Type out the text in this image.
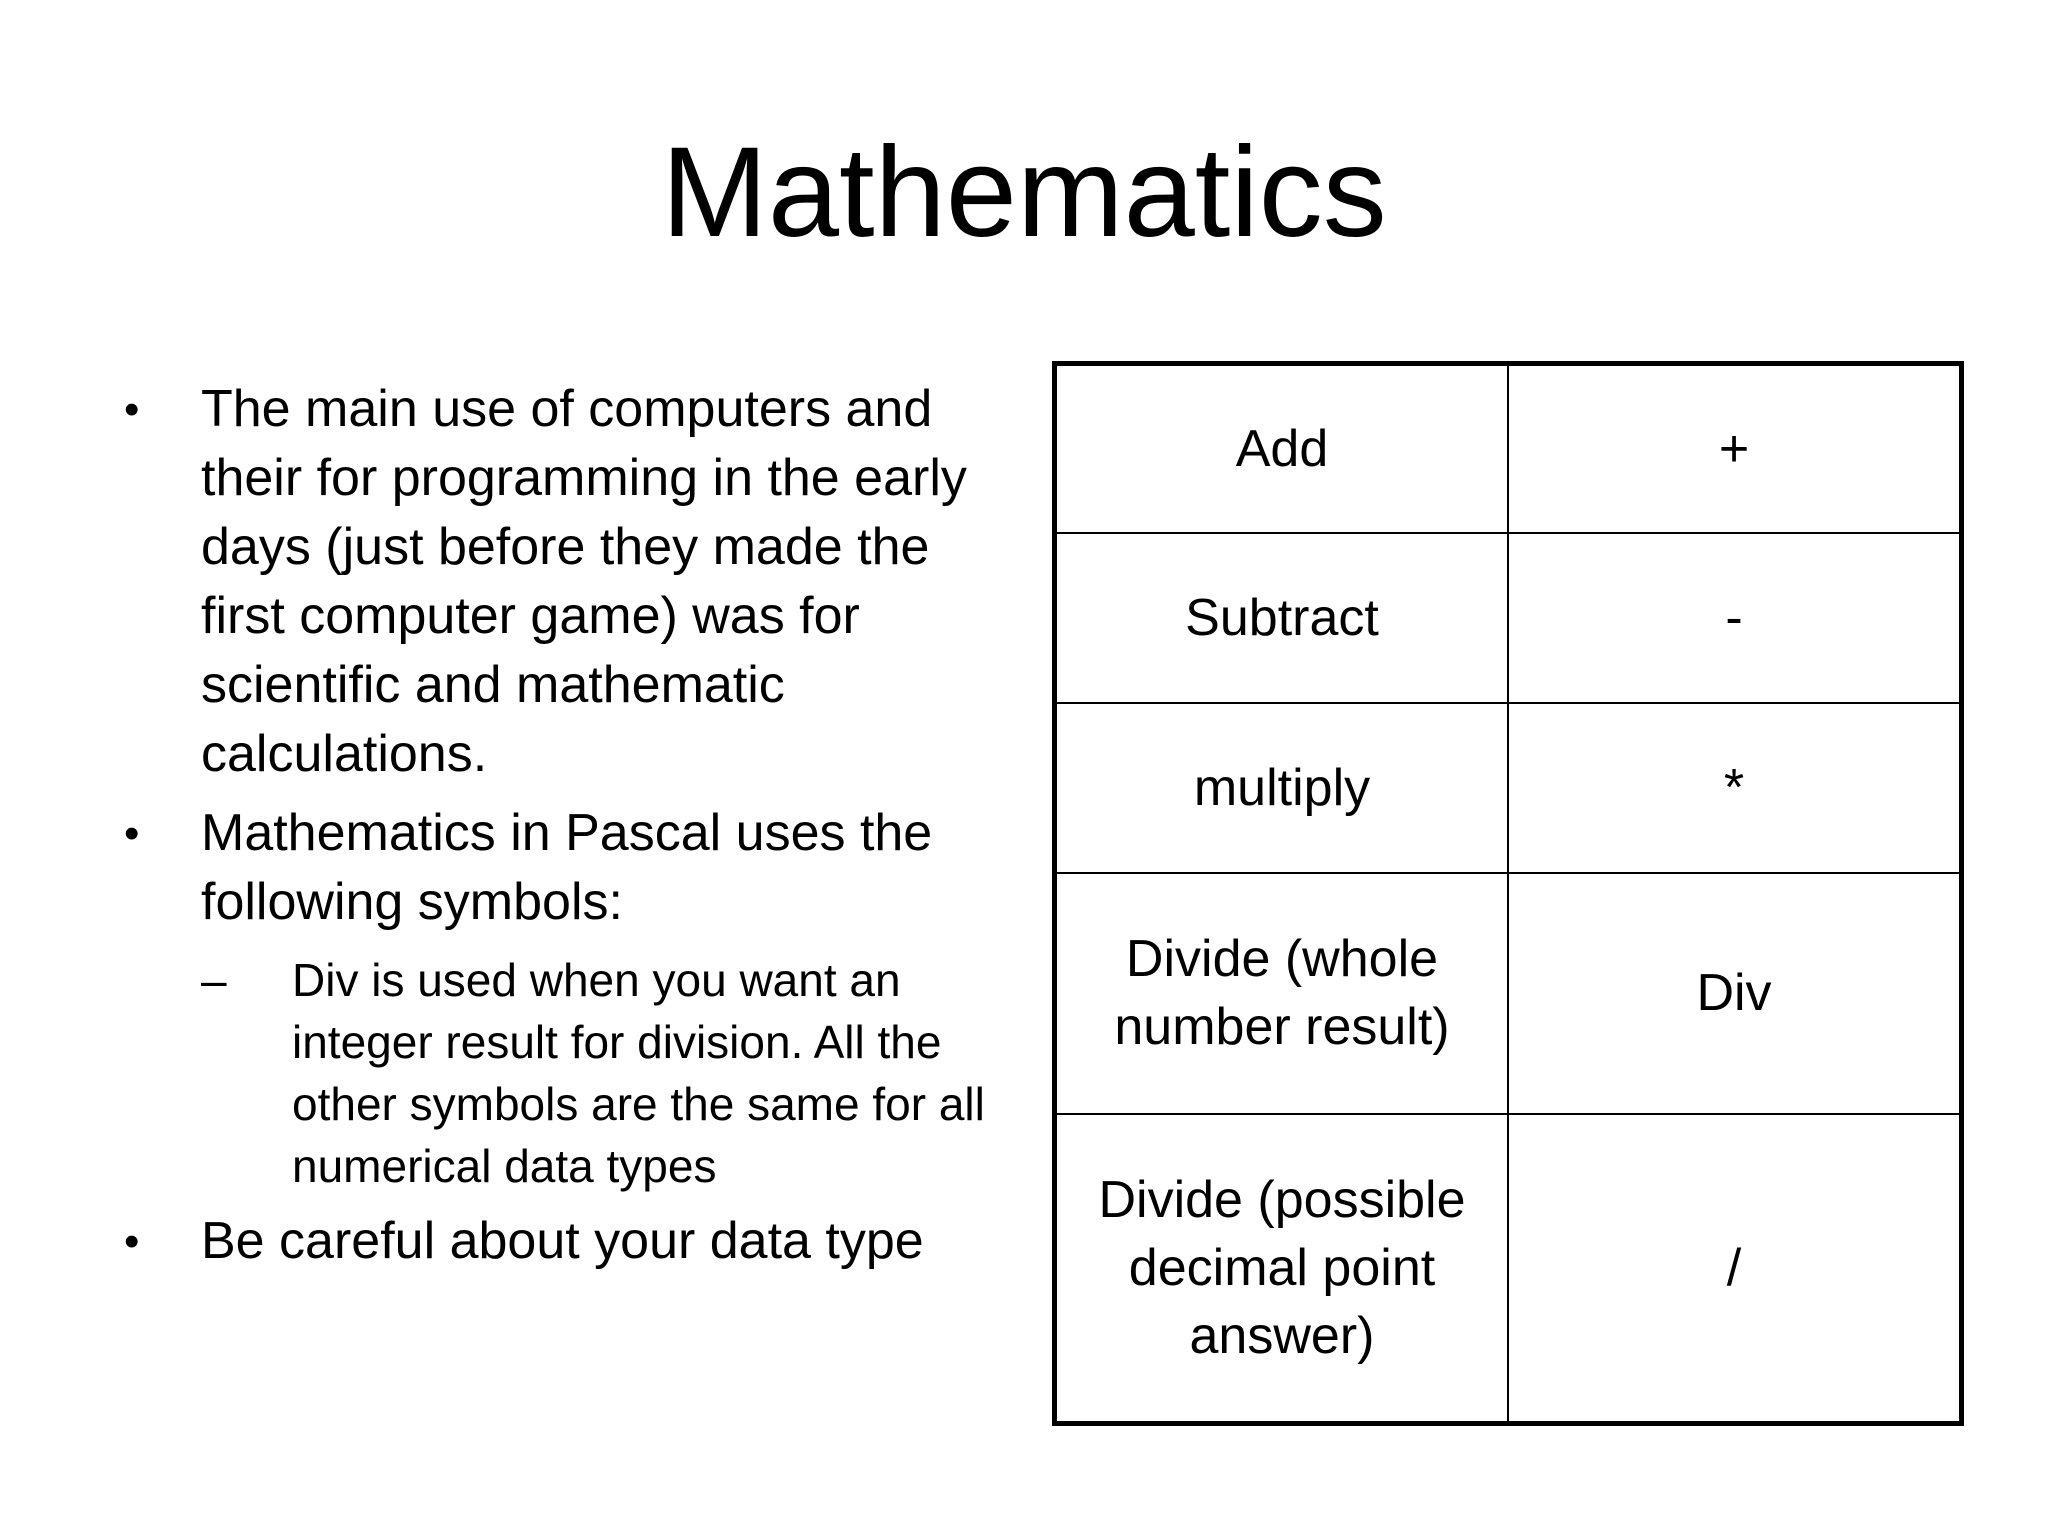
Mathematics
• The main use of computers and their for programming in the early days (just before they made the first computer game) was for scientific and mathematic calculations.
• Mathematics in Pascal uses the following symbols:
– Div is used when you want an integer result for division. All the other symbols are the same for all numerical data types
• Be careful about your data type
Add	+
Subtract	-
multiply	*
Divide (whole number result)	Div
Divide (possible decimal point answer)	/
